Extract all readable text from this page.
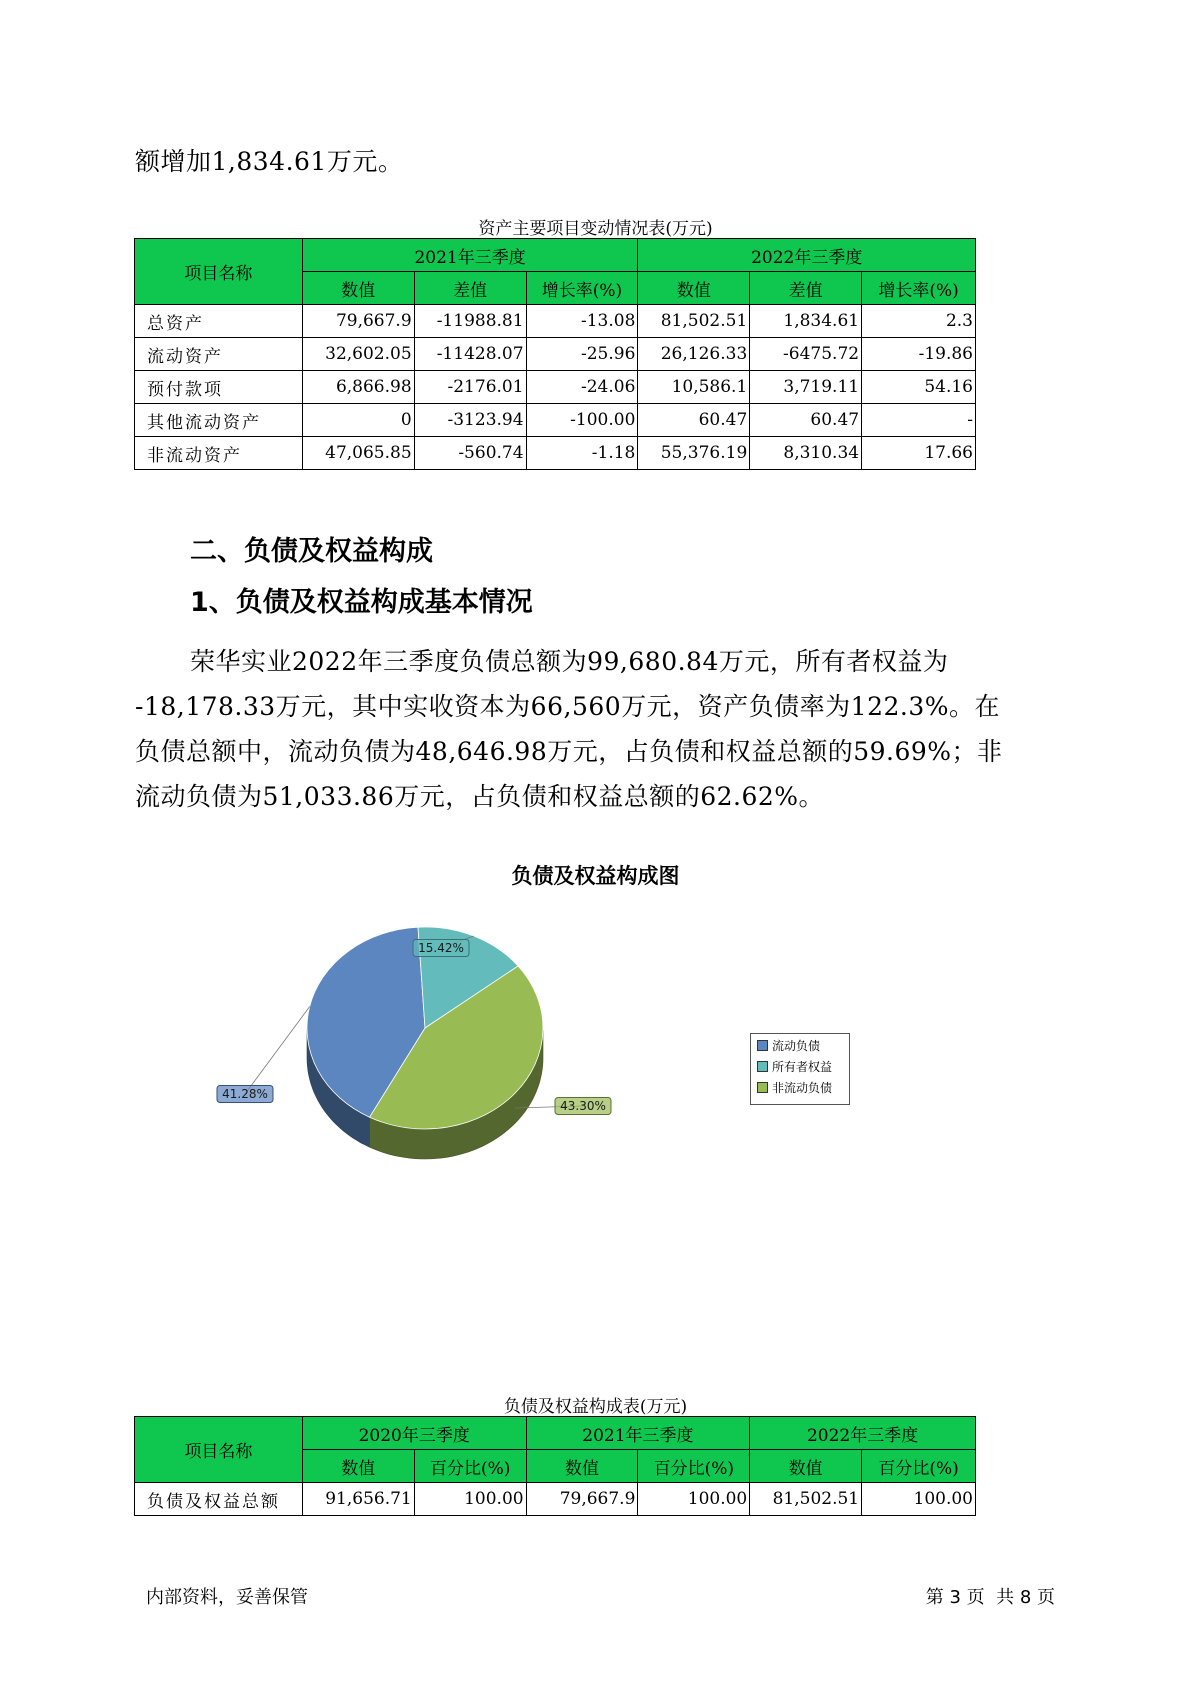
额增加1,834.61万元。
资产主要项目变动情况表(万元)
项目名称	2021年三季度			2022年三季度		
	数值	差值	增长率(%)	数值	差值	增长率(%)
总资产	79,667.9	-11988.81	-13.08	81,502.51	1,834.61	2.3
流动资产	32,602.05	-11428.07	-25.96	26,126.33	-6475.72	-19.86
预付款项	6,866.98	-2176.01	-24.06	10,586.1	3,719.11	54.16
其他流动资产	0	-3123.94	-100.00	60.47	60.47	-
非流动资产	47,065.85	-560.74	-1.18	55,376.19	8,310.34	17.66
二、负债及权益构成
1、负债及权益构成基本情况
荣华实业2022年三季度负债总额为99,680.84万元，所有者权益为
-18,178.33万元，其中实收资本为66,560万元，资产负债率为122.3%。在
负债总额中，流动负债为48,646.98万元，占负债和权益总额的59.69%；非
流动负债为51,033.86万元，占负债和权益总额的62.62%。
负债及权益构成图
41.28%
15.42%
43.30%
流动负债
所有者权益
非流动负债
负债及权益构成表(万元)
项目名称	2020年三季度		2021年三季度		2022年三季度	
	数值	百分比(%)	数值	百分比(%)	数值	百分比(%)
负债及权益总额	91,656.71	100.00	79,667.9	100.00	81,502.51	100.00
内部资料，妥善保管	第 3 页  共 8 页
